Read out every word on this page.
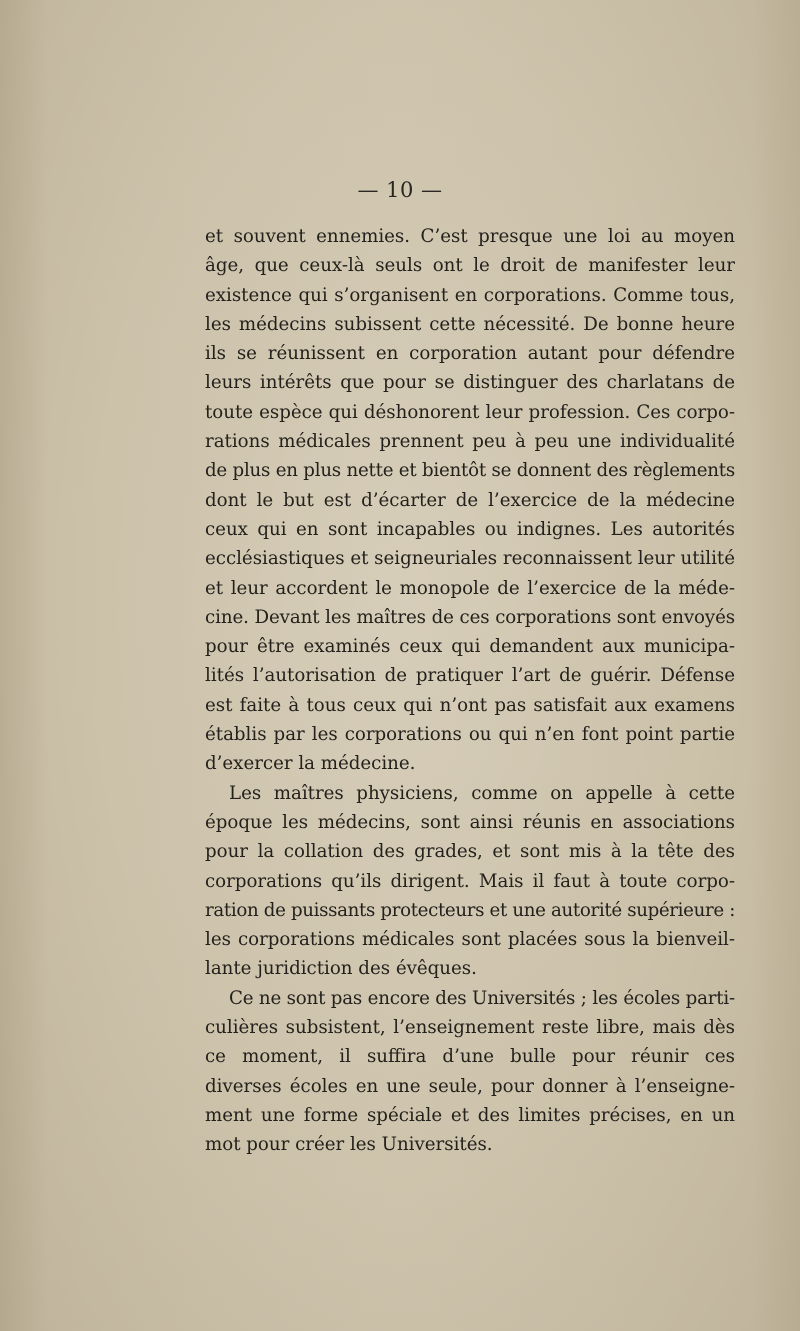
— 10 —

et souvent ennemies. C’est presque une loi au moyen
âge, que ceux-là seuls ont le droit de manifester leur
existence qui s’organisent en corporations. Comme tous,
les médecins subissent cette nécessité. De bonne heure
ils se réunissent en corporation autant pour défendre
leurs intérêts que pour se distinguer des charlatans de
toute espèce qui déshonorent leur profession. Ces corpo-
rations médicales prennent peu à peu une individualité
de plus en plus nette et bientôt se donnent des règlements
dont le but est d’écarter de l’exercice de la médecine
ceux qui en sont incapables ou indignes. Les autorités
ecclésiastiques et seigneuriales reconnaissent leur utilité
et leur accordent le monopole de l’exercice de la méde-
cine. Devant les maîtres de ces corporations sont envoyés
pour être examinés ceux qui demandent aux municipa-
lités l’autorisation de pratiquer l’art de guérir. Défense
est faite à tous ceux qui n’ont pas satisfait aux examens
établis par les corporations ou qui n’en font point partie
d’exercer la médecine.

Les maîtres physiciens, comme on appelle à cette
époque les médecins, sont ainsi réunis en associations
pour la collation des grades, et sont mis à la tête des
corporations qu’ils dirigent. Mais il faut à toute corpo-
ration de puissants protecteurs et une autorité supérieure :
les corporations médicales sont placées sous la bienveil-
lante juridiction des évêques.

Ce ne sont pas encore des Universités ; les écoles parti-
culières subsistent, l’enseignement reste libre, mais dès
ce moment, il suffira d’une bulle pour réunir ces
diverses écoles en une seule, pour donner à l’enseigne-
ment une forme spéciale et des limites précises, en un
mot pour créer les Universités.
